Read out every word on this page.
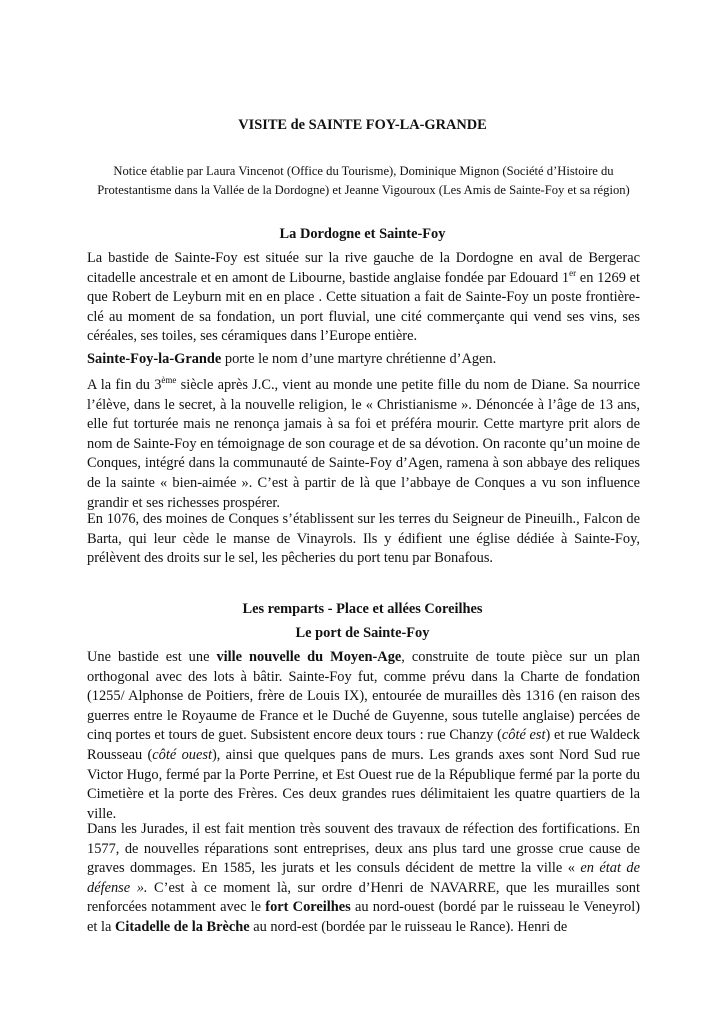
VISITE de SAINTE FOY-LA-GRANDE
Notice établie par Laura Vincenot (Office du Tourisme), Dominique Mignon (Société d’Histoire du Protestantisme dans la Vallée de la Dordogne) et Jeanne Vigouroux (Les Amis de Sainte-Foy et sa région)
La Dordogne et Sainte-Foy
La bastide de Sainte-Foy est située sur la rive gauche de la Dordogne en aval de Bergerac citadelle ancestrale et en amont de Libourne, bastide anglaise fondée par Edouard 1er en 1269 et que Robert de Leyburn mit en en place . Cette situation a fait de Sainte-Foy un poste frontière-clé au moment de sa fondation, un port fluvial, une cité commerçante qui vend ses vins, ses céréales, ses toiles, ses céramiques dans l’Europe entière.
Sainte-Foy-la-Grande porte le nom d’une martyre chrétienne d’Agen.
A la fin du 3ème siècle après J.C., vient au monde une petite fille du nom de Diane. Sa nourrice l’élève, dans le secret, à la nouvelle religion, le « Christianisme ». Dénoncée à l’âge de 13 ans, elle fut torturée mais ne renonça jamais à sa foi et préféra mourir. Cette martyre prit alors de nom de Sainte-Foy en témoignage de son courage et de sa dévotion. On raconte qu’un moine de Conques, intégré dans la communauté de Sainte-Foy d’Agen, ramena à son abbaye des reliques de la sainte « bien-aimée ». C’est à partir de là que l’abbaye de Conques a vu son influence grandir et ses richesses prospérer.
En 1076, des moines de Conques s’établissent sur les terres du Seigneur de Pineuilh., Falcon de Barta, qui leur cède le manse de Vinayrols. Ils y édifient une église dédiée à Sainte-Foy, prélèvent des droits sur le sel, les pêcheries du port tenu par Bonafous.
Les remparts - Place et allées Coreilhes
Le port de Sainte-Foy
Une bastide est une ville nouvelle du Moyen-Age, construite de toute pièce sur un plan orthogonal avec des lots à bâtir. Sainte-Foy fut, comme prévu dans la Charte de fondation (1255/ Alphonse de Poitiers, frère de Louis IX), entourée de murailles dès 1316 (en raison des guerres entre le Royaume de France et le Duché de Guyenne, sous tutelle anglaise) percées de cinq portes et tours de guet. Subsistent encore deux tours : rue Chanzy (côté est) et rue Waldeck Rousseau (côté ouest), ainsi que quelques pans de murs. Les grands axes sont Nord Sud rue Victor Hugo, fermé par la Porte Perrine, et Est Ouest rue de la République fermé par la porte du Cimetière et la porte des Frères. Ces deux grandes rues délimitaient les quatre quartiers de la ville.
Dans les Jurades, il est fait mention très souvent des travaux de réfection des fortifications. En 1577, de nouvelles réparations sont entreprises, deux ans plus tard une grosse crue cause de graves dommages. En 1585, les jurats et les consuls décident de mettre la ville « en état de défense ». C’est à ce moment là, sur ordre d’Henri de NAVARRE, que les murailles sont renforcées notamment avec le fort Coreilhes au nord-ouest (bordé par le ruisseau le Veneyrol) et la Citadelle de la Brèche au nord-est (bordée par le ruisseau le Rance). Henri de
